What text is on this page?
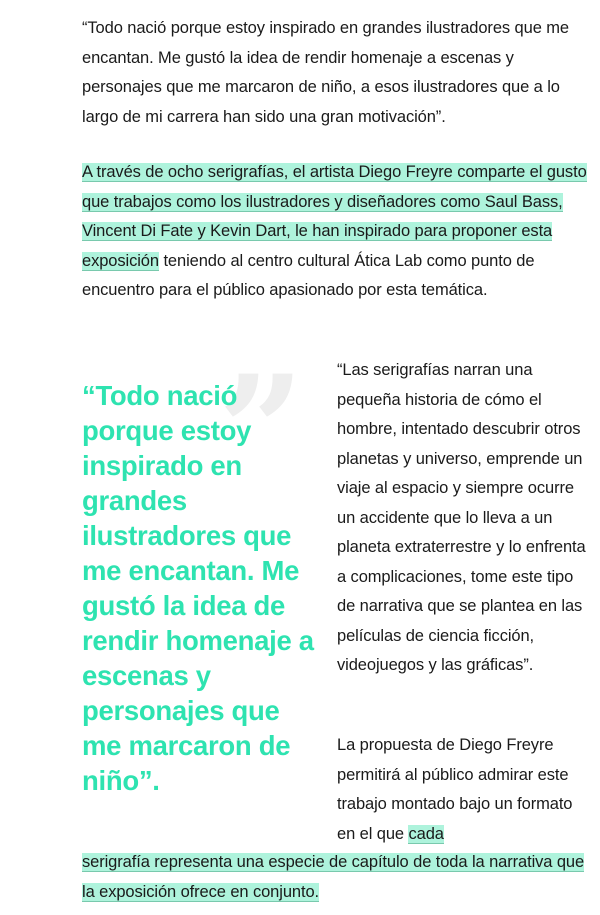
“Todo nació porque estoy inspirado en grandes ilustradores que me encantan. Me gustó la idea de rendir homenaje a escenas y personajes que me marcaron de niño, a esos ilustradores que a lo largo de mi carrera han sido una gran motivación”.

A través de ocho serigrafías, el artista Diego Freyre comparte el gusto que trabajos como los ilustradores y diseñadores como Saul Bass, Vincent Di Fate y Kevin Dart, le han inspirado para proponer esta exposición teniendo al centro cultural Ática Lab como punto de encuentro para el público apasionado por esta temática.

”

“Todo nació porque estoy inspirado en grandes ilustradores que me encantan. Me gustó la idea de rendir homenaje a escenas y personajes que me marcaron de niño”.

“Las serigrafías narran una pequeña historia de cómo el hombre, intentado descubrir otros planetas y universo, emprende un viaje al espacio y siempre ocurre un accidente que lo lleva a un planeta extraterrestre y lo enfrenta a complicaciones, tome este tipo de narrativa que se plantea en las películas de ciencia ficción, videojuegos y las gráficas”.

La propuesta de Diego Freyre permitirá al público admirar este trabajo montado bajo un formato en el que cada

serigrafía representa una especie de capítulo de toda la narrativa que la exposición ofrece en conjunto.
